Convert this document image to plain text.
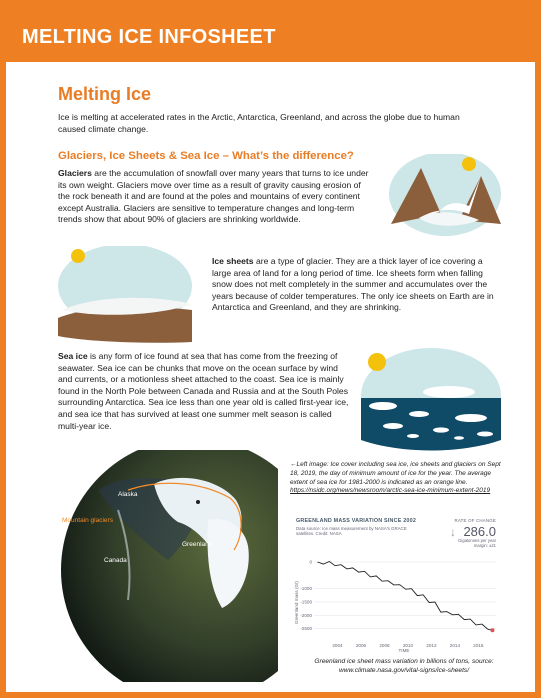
MELTING ICE INFOSHEET
Melting Ice
Ice is melting at accelerated rates in the Arctic, Antarctica, Greenland, and across the globe due to human caused climate change.
Glaciers, Ice Sheets & Sea Ice – What’s the difference?
Glaciers are the accumulation of snowfall over many years that turns to ice under its own weight. Glaciers move over time as a result of gravity causing erosion of the rock beneath it and are found at the poles and mountains of every continent except Australia. Glaciers are sensitive to temperature changes and long-term trends show that about 90% of glaciers are shrinking worldwide.
Ice sheets are a type of glacier. They are a thick layer of ice covering a large area of land for a long period of time. Ice sheets form when falling snow does not melt completely in the summer and accumulates over the years because of colder temperatures. The only ice sheets on Earth are in Antarctica and Greenland, and they are shrinking.
Sea ice is any form of ice found at sea that has come from the freezing of seawater. Sea ice can be chunks that move on the ocean surface by wind and currents, or a motionless sheet attached to the coast. Sea ice is mainly found in the North Pole between Canada and Russia and at the South Poles surrounding Antarctica. Sea ice less than one year old is called first-year ice, and sea ice that has survived at least one summer melt season is called multi-year ice.
Alaska
Mountain glaciers
Canada
Greenland
←Left image: Ice cover including sea ice, ice sheets and glaciers on Sept 18, 2019, the day of minimum amount of ice for the year. The average extent of sea ice for 1981-2000 is indicated as an orange line. https://nsidc.org/news/newsroom/arctic-sea-ice-minimum-extent-2019
GREENLAND MASS VARIATION SINCE 2002
Data source: Ice mass measurement by NASA's GRACE satellites. Credit: NASA
RATE OF CHANGE
↓ 286.0
Gigatonnes per year margin: ±21
0
-1000
-1500
-2000
-2500
2004	2006	2008	2010	2012	2014	2016
Greenland mass (Gt)
TIME
Greenland ice sheet mass variation in billions of tons, source: www.climate.nasa.gov/vital-signs/ice-sheets/
